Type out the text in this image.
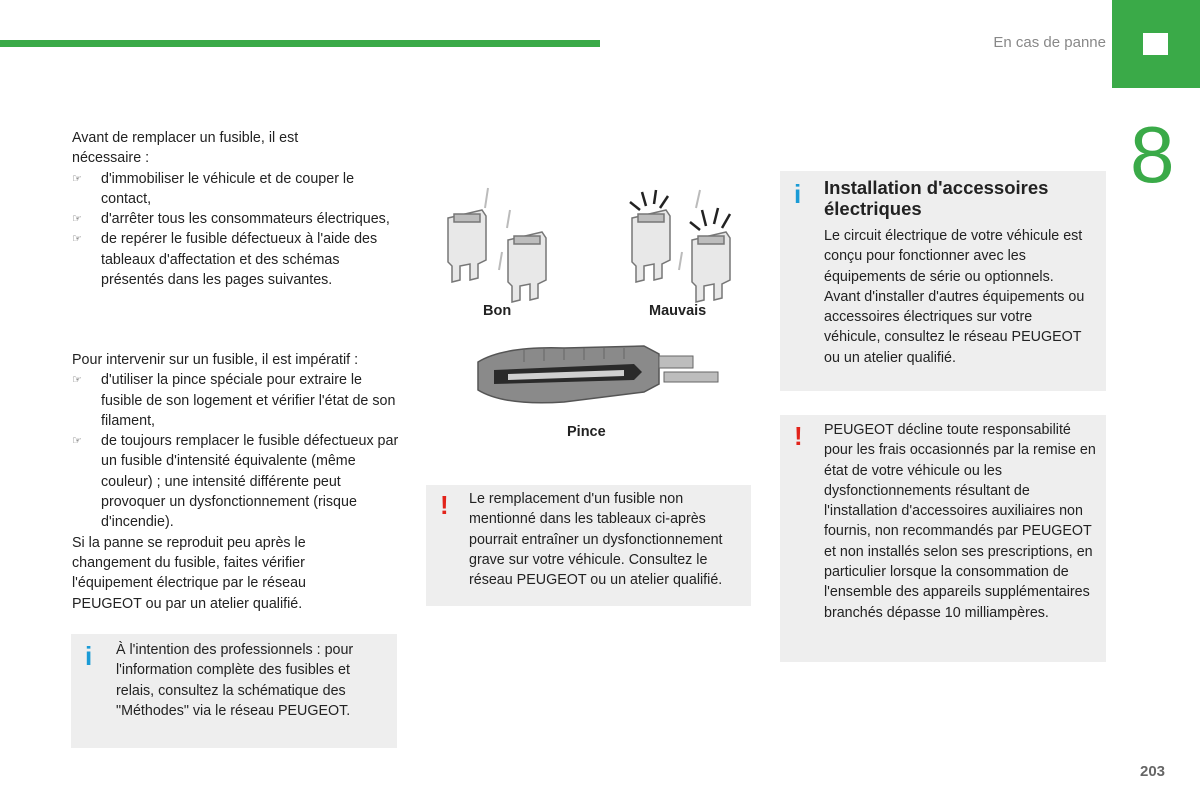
En cas de panne
8
Avant de remplacer un fusible, il est nécessaire :
☞ d'immobiliser le véhicule et de couper le contact,
☞ d'arrêter tous les consommateurs électriques,
☞ de repérer le fusible défectueux à l'aide des tableaux d'affectation et des schémas présentés dans les pages suivantes.
Pour intervenir sur un fusible, il est impératif :
☞ d'utiliser la pince spéciale pour extraire le fusible de son logement et vérifier l'état de son filament,
☞ de toujours remplacer le fusible défectueux par un fusible d'intensité équivalente (même couleur) ; une intensité différente peut provoquer un dysfonctionnement (risque d'incendie).
Si la panne se reproduit peu après le changement du fusible, faites vérifier l'équipement électrique par le réseau PEUGEOT ou par un atelier qualifié.
i À l'intention des professionnels : pour l'information complète des fusibles et relais, consultez la schématique des "Méthodes" via le réseau PEUGEOT.
Bon	Mauvais
Pince
! Le remplacement d'un fusible non mentionné dans les tableaux ci-après pourrait entraîner un dysfonctionnement grave sur votre véhicule. Consultez le réseau PEUGEOT ou un atelier qualifié.
i Installation d'accessoires électriques
Le circuit électrique de votre véhicule est conçu pour fonctionner avec les équipements de série ou optionnels. Avant d'installer d'autres équipements ou accessoires électriques sur votre véhicule, consultez le réseau PEUGEOT ou un atelier qualifié.
! PEUGEOT décline toute responsabilité pour les frais occasionnés par la remise en état de votre véhicule ou les dysfonctionnements résultant de l'installation d'accessoires auxiliaires non fournis, non recommandés par PEUGEOT et non installés selon ses prescriptions, en particulier lorsque la consommation de l'ensemble des appareils supplémentaires branchés dépasse 10 milliampères.
203
